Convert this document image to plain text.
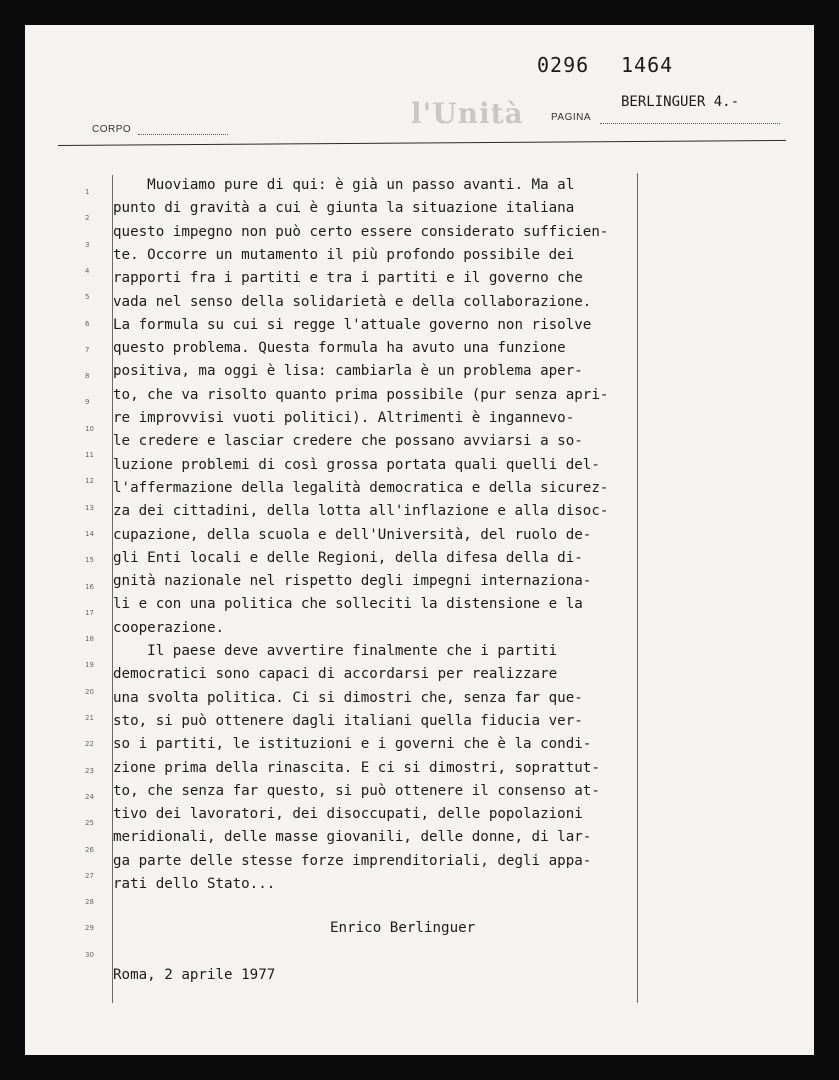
0296 1464
l'Unità
CORPO
PAGINA
BERLINGUER 4.-
1
2
3
4
5
6
7
8
9
10
11
12
13
14
15
16
17
18
19
20
21
22
23
24
25
26
27
28
29
30
Muoviamo pure di qui: è già un passo avanti. Ma al
punto di gravità a cui è giunta la situazione italiana
questo impegno non può certo essere considerato sufficien-
te. Occorre un mutamento il più profondo possibile dei
rapporti fra i partiti e tra i partiti e il governo che
vada nel senso della solidarietà e della collaborazione.
La formula su cui si regge l'attuale governo non risolve
questo problema. Questa formula ha avuto una funzione
positiva, ma oggi è lisa: cambiarla è un problema aper-
to, che va risolto quanto prima possibile (pur senza apri-
re improvvisi vuoti politici). Altrimenti è ingannevo-
le credere e lasciar credere che possano avviarsi a so-
luzione problemi di così grossa portata quali quelli del-
l'affermazione della legalità democratica e della sicurez-
za dei cittadini, della lotta all'inflazione e alla disoc-
cupazione, della scuola e dell'Università, del ruolo de-
gli Enti locali e delle Regioni, della difesa della di-
gnità nazionale nel rispetto degli impegni internaziona-
li e con una politica che solleciti la distensione e la
cooperazione.
Il paese deve avvertire finalmente che i partiti
democratici sono capaci di accordarsi per realizzare
una svolta politica. Ci si dimostri che, senza far que-
sto, si può ottenere dagli italiani quella fiducia ver-
so i partiti, le istituzioni e i governi che è la condi-
zione prima della rinascita. E ci si dimostri, soprattut-
to, che senza far questo, si può ottenere il consenso at-
tivo dei lavoratori, dei disoccupati, delle popolazioni
meridionali, delle masse giovanili, delle donne, di lar-
ga parte delle stesse forze imprenditoriali, degli appa-
rati dello Stato...
Enrico Berlinguer
Roma, 2 aprile 1977
